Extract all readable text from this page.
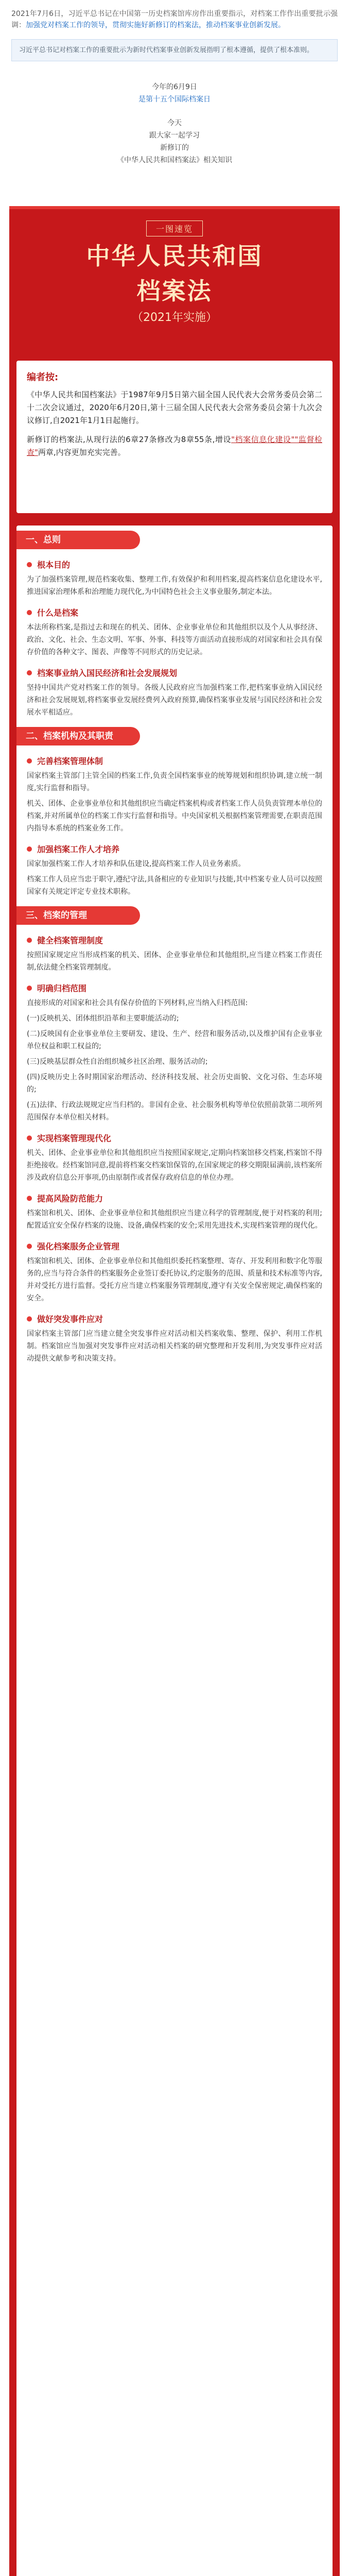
2021年7月6日，习近平总书记在中国第一历史档案馆库房作出重要指示，对档案工作作出重要批示强调：加强党对档案工作的领导，贯彻实施好新修订的档案法，推动档案事业创新发展。
习近平总书记对档案工作的重要批示为新时代档案事业创新发展指明了根本遵循，提供了根本准则。
今年的6月9日
是第十五个国际档案日
今天
跟大家一起学习
新修订的
《中华人民共和国档案法》相关知识
一图速览
中华人民共和国
档案法
（2021年实施）
编者按:
《中华人民共和国档案法》于1987年9月5日第六届全国人民代表大会常务委员会第二十二次会议通过，2020年6月20日,第十三届全国人民代表大会常务委员会第十九次会议修订,自2021年1月1日起施行。
新修订的档案法,从现行法的6章27条修改为8章55条,增设"档案信息化建设""监督检查"两章,内容更加充实完善。
一、总则
根本目的
为了加强档案管理,规范档案收集、整理工作,有效保护和利用档案,提高档案信息化建设水平,推进国家治理体系和治理能力现代化,为中国特色社会主义事业服务,制定本法。
什么是档案
本法所称档案,是指过去和现在的机关、团体、企业事业单位和其他组织以及个人从事经济、政治、文化、社会、生态文明、军事、外事、科技等方面活动直接形成的对国家和社会具有保存价值的各种文字、图表、声像等不同形式的历史记录。
档案事业纳入国民经济和社会发展规划
坚持中国共产党对档案工作的领导。各级人民政府应当加强档案工作,把档案事业纳入国民经济和社会发展规划,将档案事业发展经费列入政府预算,确保档案事业发展与国民经济和社会发展水平相适应。
二、档案机构及其职责
完善档案管理体制
国家档案主管部门主管全国的档案工作,负责全国档案事业的统筹规划和组织协调,建立统一制度,实行监督和指导。
机关、团体、企业事业单位和其他组织应当确定档案机构或者档案工作人员负责管理本单位的档案,并对所属单位的档案工作实行监督和指导。中央国家机关根据档案管理需要,在职责范围内指导本系统的档案业务工作。
加强档案工作人才培养
国家加强档案工作人才培养和队伍建设,提高档案工作人员业务素质。
档案工作人员应当忠于职守,遵纪守法,具备相应的专业知识与技能,其中档案专业人员可以按照国家有关规定评定专业技术职称。
三、档案的管理
健全档案管理制度
按照国家规定应当形成档案的机关、团体、企业事业单位和其他组织,应当建立档案工作责任制,依法健全档案管理制度。
明确归档范围
直接形成的对国家和社会具有保存价值的下列材料,应当纳入归档范围:
(一)反映机关、团体组织沿革和主要职能活动的;
(二)反映国有企业事业单位主要研发、建设、生产、经营和服务活动,以及维护国有企业事业单位权益和职工权益的;
(三)反映基层群众性自治组织城乡社区治理、服务活动的;
(四)反映历史上各时期国家治理活动、经济科技发展、社会历史面貌、文化习俗、生态环境的;
(五)法律、行政法规规定应当归档的。非国有企业、社会服务机构等单位依照前款第二项所列范围保存本单位相关材料。
实现档案管理现代化
机关、团体、企业事业单位和其他组织应当按照国家规定,定期向档案馆移交档案,档案馆不得拒绝接收。经档案馆同意,提前将档案交档案馆保管的,在国家规定的移交期限届满前,该档案所涉及政府信息公开事项,仍由原制作或者保存政府信息的单位办理。
提高风险防范能力
档案馆和机关、团体、企业事业单位和其他组织应当建立科学的管理制度,便于对档案的利用;配置适宜安全保存档案的设施、设备,确保档案的安全;采用先进技术,实现档案管理的现代化。
强化档案服务企业管理
档案馆和机关、团体、企业事业单位和其他组织委托档案整理、寄存、开发利用和数字化等服务的,应当与符合条件的档案服务企业签订委托协议,约定服务的范围、质量和技术标准等内容,并对受托方进行监督。受托方应当建立档案服务管理制度,遵守有关安全保密规定,确保档案的安全。
做好突发事件应对
国家档案主管部门应当建立健全突发事件应对活动相关档案收集、整理、保护、利用工作机制。档案馆应当加强对突发事件应对活动相关档案的研究整理和开发利用,为突发事件应对活动提供文献参考和决策支持。
